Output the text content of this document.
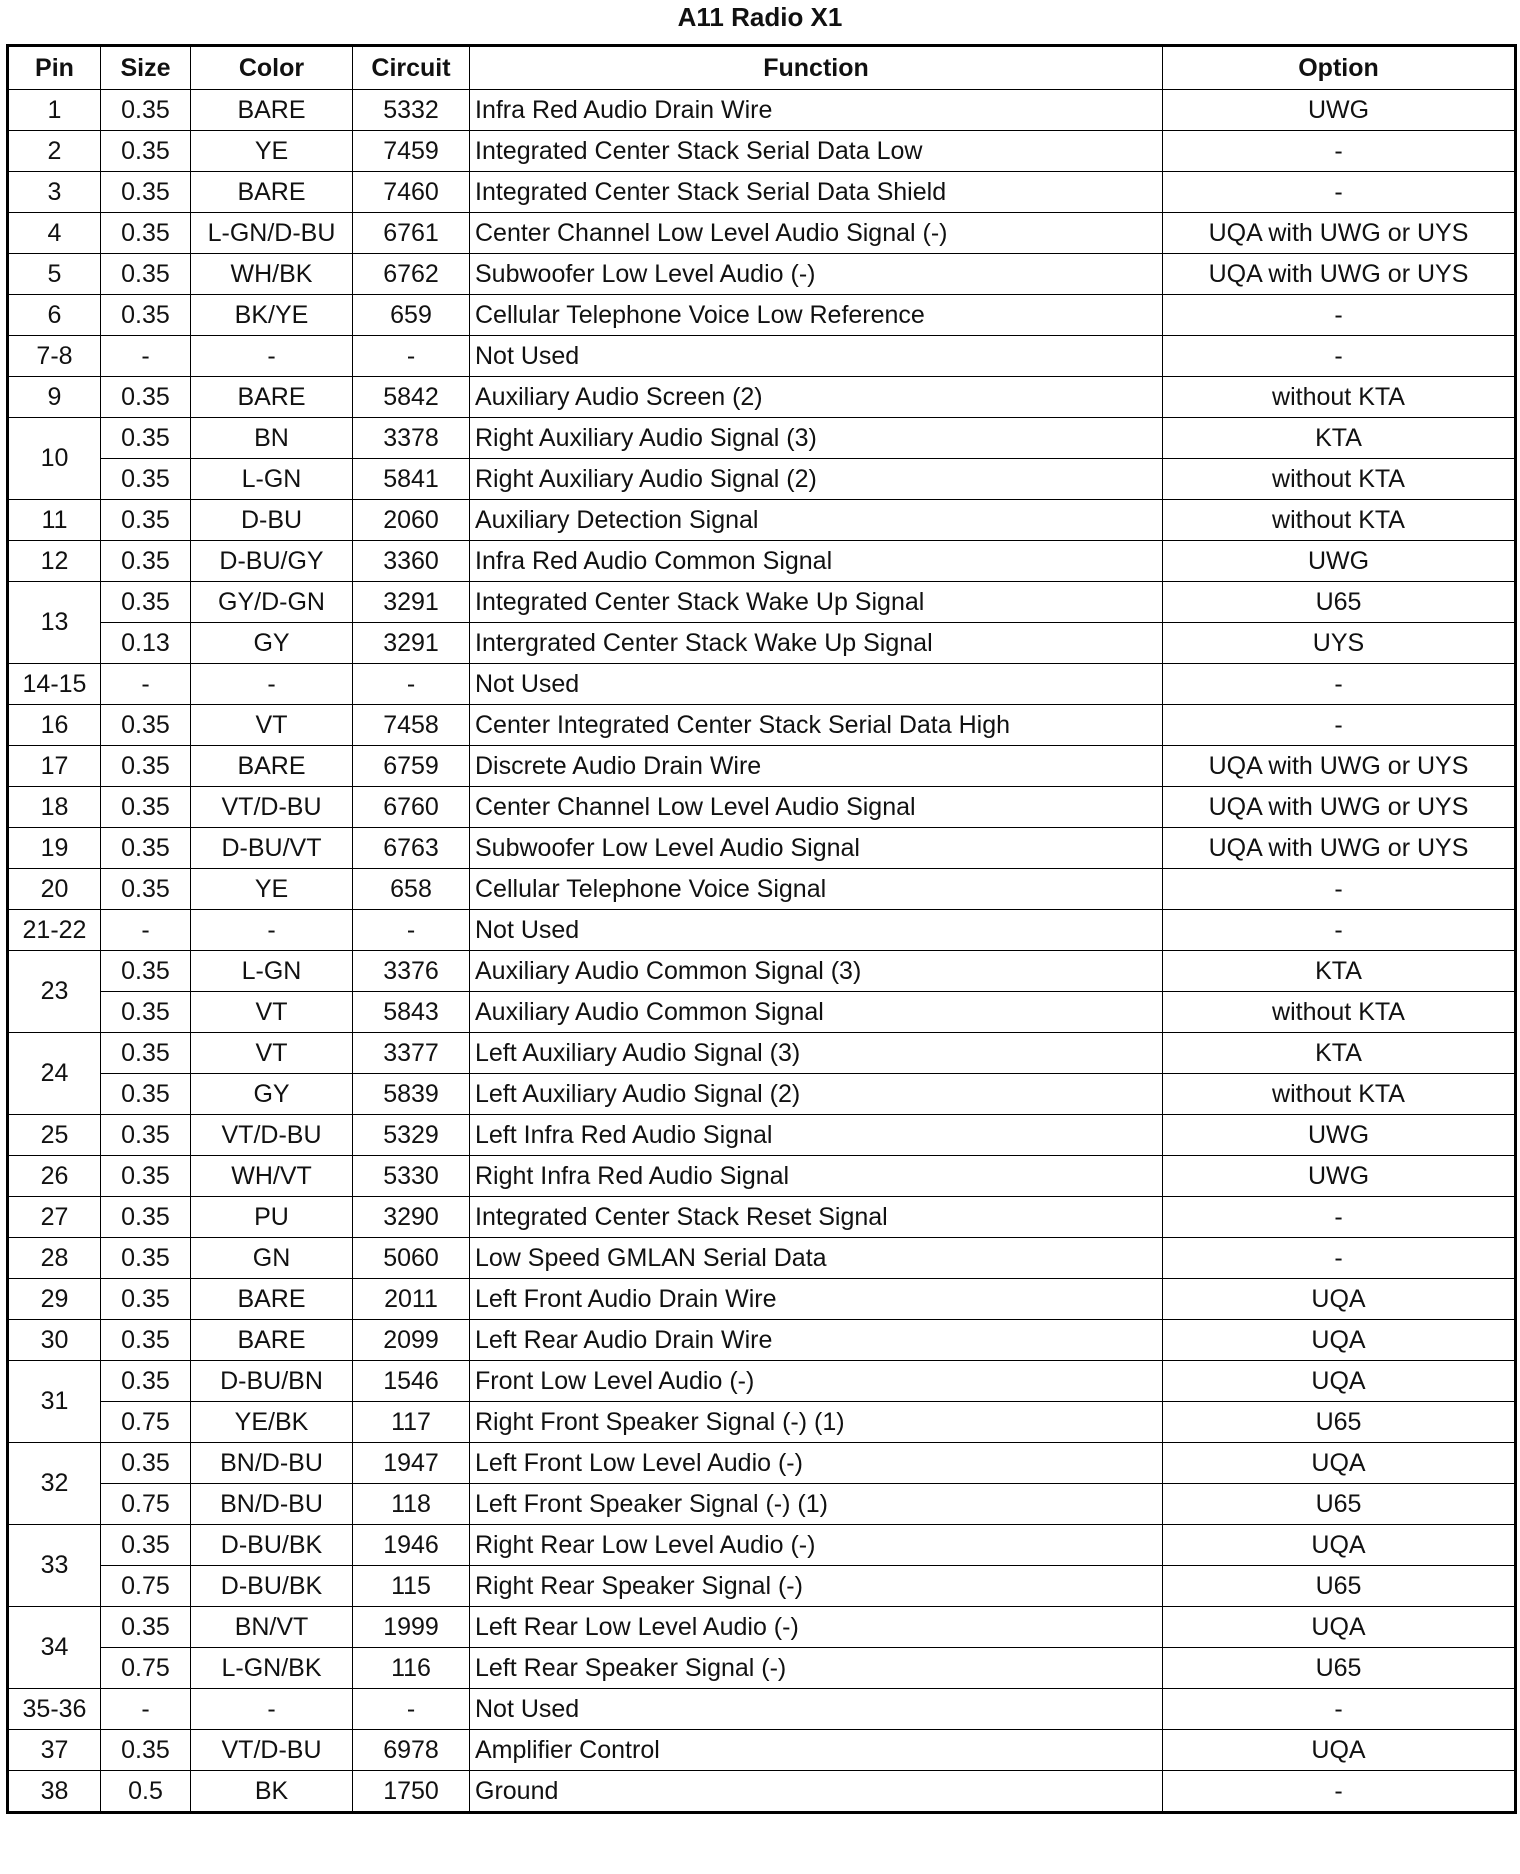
A11 Radio X1
Pin	Size	Color	Circuit	Function	Option
1	0.35	BARE	5332	Infra Red Audio Drain Wire	UWG
2	0.35	YE	7459	Integrated Center Stack Serial Data Low	-
3	0.35	BARE	7460	Integrated Center Stack Serial Data Shield	-
4	0.35	L-GN/D-BU	6761	Center Channel Low Level Audio Signal (-)	UQA with UWG or UYS
5	0.35	WH/BK	6762	Subwoofer Low Level Audio (-)	UQA with UWG or UYS
6	0.35	BK/YE	659	Cellular Telephone Voice Low Reference	-
7-8	-	-	-	Not Used	-
9	0.35	BARE	5842	Auxiliary Audio Screen (2)	without KTA
10	0.35	BN	3378	Right Auxiliary Audio Signal (3)	KTA
	0.35	L-GN	5841	Right Auxiliary Audio Signal (2)	without KTA
11	0.35	D-BU	2060	Auxiliary Detection Signal	without KTA
12	0.35	D-BU/GY	3360	Infra Red Audio Common Signal	UWG
13	0.35	GY/D-GN	3291	Integrated Center Stack Wake Up Signal	U65
	0.13	GY	3291	Intergrated Center Stack Wake Up Signal	UYS
14-15	-	-	-	Not Used	-
16	0.35	VT	7458	Center Integrated Center Stack Serial Data High	-
17	0.35	BARE	6759	Discrete Audio Drain Wire	UQA with UWG or UYS
18	0.35	VT/D-BU	6760	Center Channel Low Level Audio Signal	UQA with UWG or UYS
19	0.35	D-BU/VT	6763	Subwoofer Low Level Audio Signal	UQA with UWG or UYS
20	0.35	YE	658	Cellular Telephone Voice Signal	-
21-22	-	-	-	Not Used	-
23	0.35	L-GN	3376	Auxiliary Audio Common Signal (3)	KTA
	0.35	VT	5843	Auxiliary Audio Common Signal	without KTA
24	0.35	VT	3377	Left Auxiliary Audio Signal (3)	KTA
	0.35	GY	5839	Left Auxiliary Audio Signal (2)	without KTA
25	0.35	VT/D-BU	5329	Left Infra Red Audio Signal	UWG
26	0.35	WH/VT	5330	Right Infra Red Audio Signal	UWG
27	0.35	PU	3290	Integrated Center Stack Reset Signal	-
28	0.35	GN	5060	Low Speed GMLAN Serial Data	-
29	0.35	BARE	2011	Left Front Audio Drain Wire	UQA
30	0.35	BARE	2099	Left Rear Audio Drain Wire	UQA
31	0.35	D-BU/BN	1546	Front Low Level Audio (-)	UQA
	0.75	YE/BK	117	Right Front Speaker Signal (-) (1)	U65
32	0.35	BN/D-BU	1947	Left Front Low Level Audio (-)	UQA
	0.75	BN/D-BU	118	Left Front Speaker Signal (-) (1)	U65
33	0.35	D-BU/BK	1946	Right Rear Low Level Audio (-)	UQA
	0.75	D-BU/BK	115	Right Rear Speaker Signal (-)	U65
34	0.35	BN/VT	1999	Left Rear Low Level Audio (-)	UQA
	0.75	L-GN/BK	116	Left Rear Speaker Signal (-)	U65
35-36	-	-	-	Not Used	-
37	0.35	VT/D-BU	6978	Amplifier Control	UQA
38	0.5	BK	1750	Ground	-
